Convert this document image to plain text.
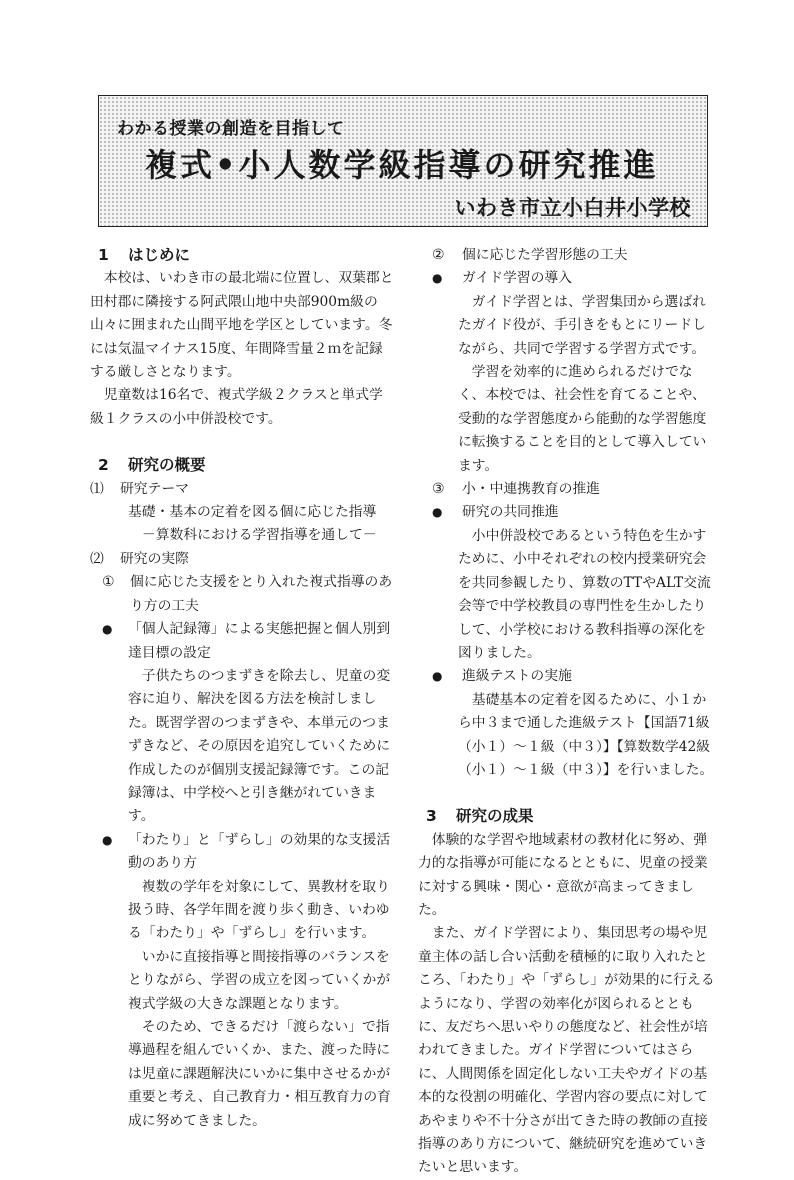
わかる授業の創造を目指して
複式•小人数学級指導の研究推進
いわき市立小白井小学校
1 はじめに

本校は、いわき市の最北端に位置し、双葉郡と田村郡に隣接する阿武隈山地中央部900m級の山々に囲まれた山間平地を学区としています。冬には気温マイナス15度、年間降雪量２ｍを記録する厳しさとなります。

児童数は16名で、複式学級２クラスと単式学級１クラスの小中併設校です。

2 研究の概要
⑴	研究テーマ

基礎・基本の定着を図る個に応じた指導

－算数科における学習指導を通して－

⑵	研究の実際
①	個に応じた支援をとり入れた複式指導のあり方の工夫
●	「個人記録簿」による実態把握と個人別到達目標の設定

子供たちのつまずきを除去し、児童の変容に迫り、解決を図る方法を検討しました。既習学習のつまずきや、本単元のつまずきなど、その原因を追究していくために作成したのが個別支援記録簿です。この記録簿は、中学校へと引き継がれていきます。

●	「わたり」と「ずらし」の効果的な支援活動のあり方

複数の学年を対象にして、異教材を取り扱う時、各学年間を渡り歩く動き、いわゆる「わたり」や「ずらし」を行います。

いかに直接指導と間接指導のバランスをとりながら、学習の成立を図っていくかが複式学級の大きな課題となります。

そのため、できるだけ「渡らない」で指導過程を組んでいくか、また、渡った時には児童に課題解決にいかに集中させるかが重要と考え、自己教育力・相互教育力の育成に努めてきました。

②	個に応じた学習形態の工夫
●	ガイド学習の導入

ガイド学習とは、学習集団から選ばれたガイド役が、手引きをもとにリードしながら、共同で学習する学習方式です。

学習を効率的に進められるだけでなく、本校では、社会性を育てることや、受動的な学習態度から能動的な学習態度に転換することを目的として導入しています。

③	小・中連携教育の推進
●	研究の共同推進

小中併設校であるという特色を生かすために、小中それぞれの校内授業研究会を共同参観したり、算数のTTやALT交流会等で中学校教員の専門性を生かしたりして、小学校における教科指導の深化を図りました。

●	進級テストの実施

基礎基本の定着を図るために、小１から中３まで通した進級テスト【国語71級（小１）～１級（中３）】【算数数学42級（小１）～１級（中３）】を行いました。

3 研究の成果

体験的な学習や地域素材の教材化に努め、弾力的な指導が可能になるとともに、児童の授業に対する興味・関心・意欲が高まってきました。

また、ガイド学習により、集団思考の場や児童主体の話し合い活動を積極的に取り入れたところ、「わたり」や「ずらし」が効果的に行えるようになり、学習の効率化が図られるとともに、友だちへ思いやりの態度など、社会性が培われてきました。ガイド学習についてはさらに、人間関係を固定化しない工夫やガイドの基本的な役割の明確化、学習内容の要点に対してあやまりや不十分さが出てきた時の教師の直接指導のあり方について、継続研究を進めていきたいと思います。
